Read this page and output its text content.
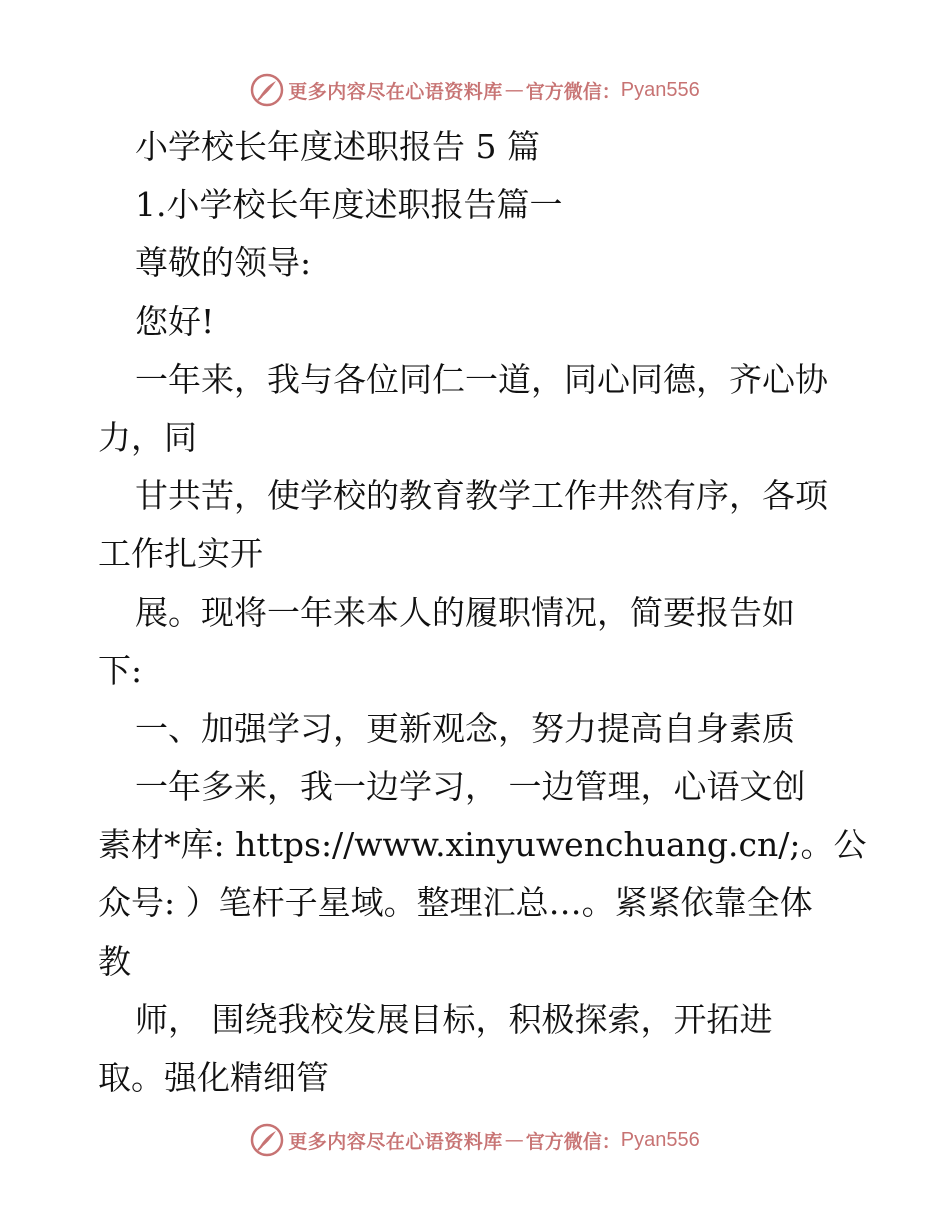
更多内容尽在心语资料库 — 官方微信： Pyan556
小学校长年度述职报告 5 篇
1.小学校长年度述职报告篇一
尊敬的领导:
您好!
一年来，我与各位同仁一道，同心同德，齐心协
力，同
甘共苦，使学校的教育教学工作井然有序，各项
工作扎实开
展。现将一年来本人的履职情况，简要报告如
下:
一、加强学习，更新观念，努力提高自身素质
一年多来，我一边学习， 一边管理，心语文创
素材*库: https://www.xinyuwenchuang.cn/;。公
众号: ）笔杆子星域。整理汇总…。紧紧依靠全体
教
师， 围绕我校发展目标，积极探索，开拓进
取。强化精细管
更多内容尽在心语资料库 — 官方微信： Pyan556
